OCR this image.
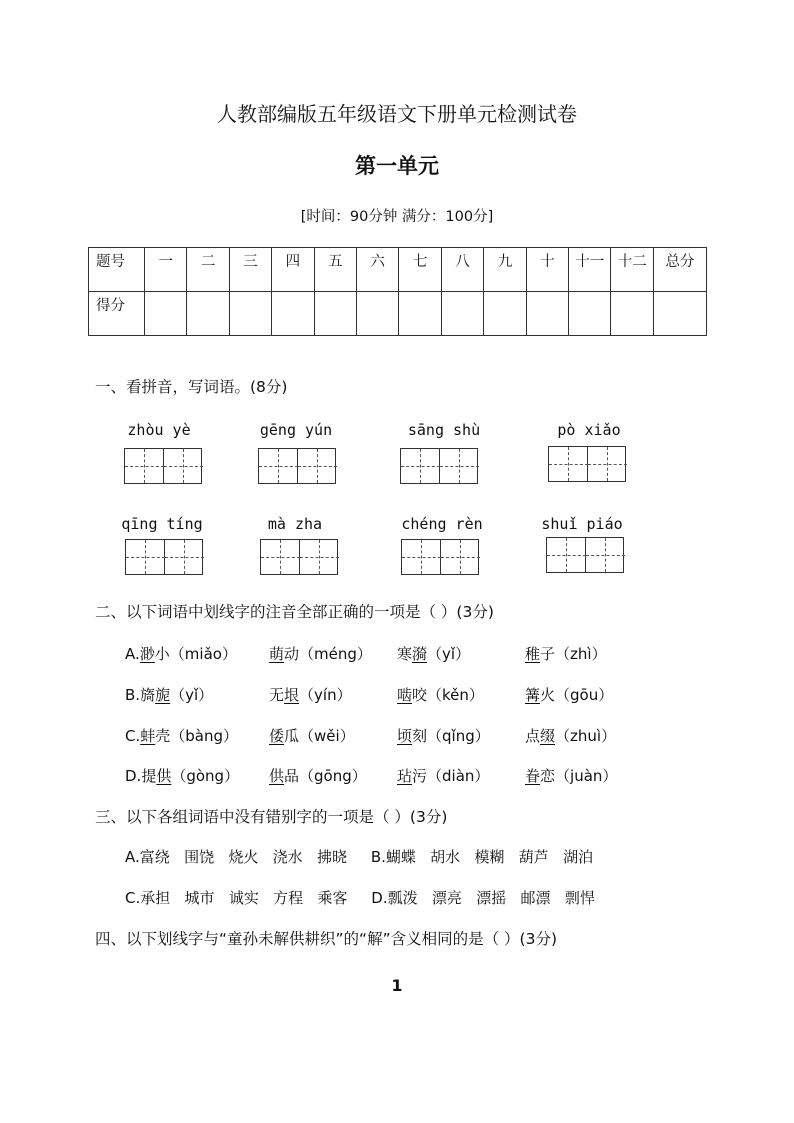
人教部编版五年级语文下册单元检测试卷
第一单元
[时间：90分钟 满分：100分]
题号	一	二	三	四	五	六	七	八	九	十	十一	十二	总分
得分													
一、看拼音，写词语。(8分)
zhòu yè	gēng yún	sāng shù	pò xiǎo
qīng tíng	mà zha	chéng rèn	shuǐ piáo
二、以下词语中划线字的注音全部正确的一项是（ ）(3分)
A.渺小（miǎo） 萌动（méng） 寒漪（yǐ）	稚子（zhì）
B.旖旎（yǐ）	无垠（yín）	啮咬（kěn）	篝火（gōu）
C.蚌壳（bàng） 倭瓜（wěi）	顷刻（qǐng） 点缀（zhuì）
D.提供（gòng） 供品（gōng） 玷污（diàn） 眷恋（juàn）
三、以下各组词语中没有错别字的一项是（ ）(3分)
A.富绕   围饶   烧火   浇水   拂晓     B.蝴蝶   胡水   模糊   葫芦   湖泊
C.承担   城市   诚实   方程   乘客     D.瓢泼   漂亮   漂摇   邮漂   剽悍
四、以下划线字与“童孙未解供耕织”的“解”含义相同的是（ ）(3分)
1
